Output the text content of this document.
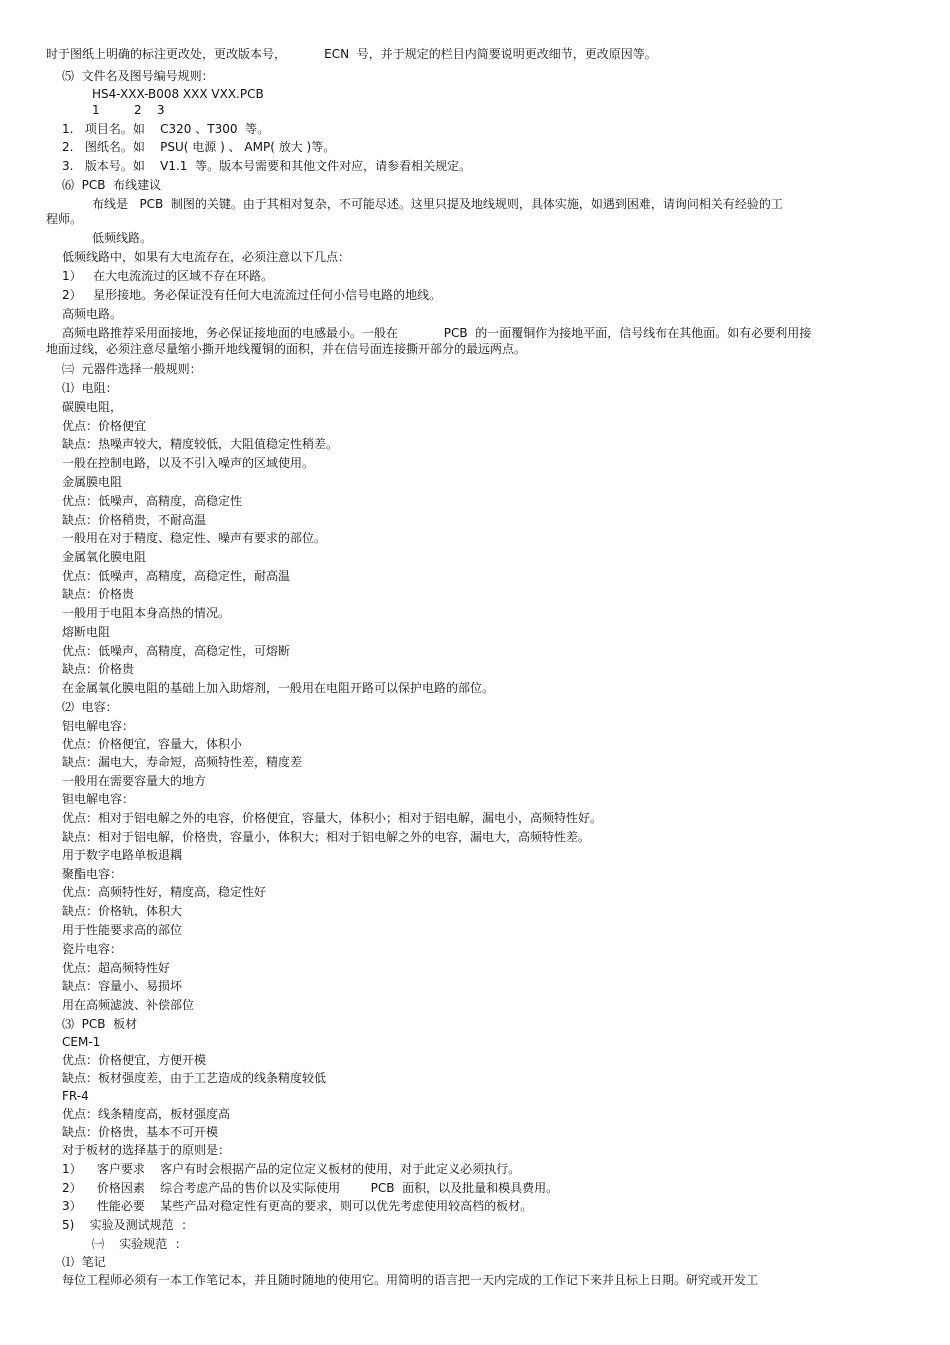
时于图纸上明确的标注更改处，更改版本号，          ECN  号，并于规定的栏目内简要说明更改细节，更改原因等。
⑸  文件名及图号编号规则：
HS4-XXX-B008 XXX VXX.PCB
1         2    3
1.   项目名。如    C320 、T300  等。
2.   图纸名。如    PSU( 电源 ) 、 AMP( 放大 )等。
3.   版本号。如    V1.1  等。版本号需要和其他文件对应，请参看相关规定。
⑹  PCB  布线建议
布线是   PCB  制图的关键。由于其相对复杂，不可能尽述。这里只提及地线规则，具体实施，如遇到困难，请询问相关有经验的工
程师。
低频线路。
低频线路中，如果有大电流存在，必须注意以下几点：
1）   在大电流流过的区域不存在环路。
2）   星形接地。务必保证没有任何大电流流过任何小信号电路的地线。
高频电路。
高频电路推荐采用面接地，务必保证接地面的电感最小。一般在            PCB  的一面覆铜作为接地平面，信号线布在其他面。如有必要利用接
地面过线，必须注意尽量缩小撕开地线覆铜的面积，并在信号面连接撕开部分的最远两点。
㈢  元器件选择一般规则：
⑴  电阻：
碳膜电阻，
优点：价格便宜
缺点：热噪声较大，精度较低，大阻值稳定性稍差。
一般在控制电路，以及不引入噪声的区域使用。
金属膜电阻
优点：低噪声，高精度，高稳定性
缺点：价格稍贵，不耐高温
一般用在对于精度、稳定性、噪声有要求的部位。
金属氧化膜电阻
优点：低噪声，高精度，高稳定性，耐高温
缺点：价格贵
一般用于电阻本身高热的情况。
熔断电阻
优点：低噪声，高精度，高稳定性，可熔断
缺点：价格贵
在金属氧化膜电阻的基础上加入助熔剂，一般用在电阻开路可以保护电路的部位。
⑵  电容：
铝电解电容：
优点：价格便宜，容量大，体积小
缺点：漏电大，寿命短，高频特性差，精度差
一般用在需要容量大的地方
钽电解电容：
优点：相对于铝电解之外的电容，价格便宜，容量大，体积小；相对于铝电解，漏电小，高频特性好。
缺点：相对于铝电解，价格贵，容量小，体积大；相对于铝电解之外的电容，漏电大，高频特性差。
用于数字电路单板退耦
聚酯电容：
优点：高频特性好，精度高，稳定性好
缺点：价格轨，体积大
用于性能要求高的部位
瓷片电容：
优点：超高频特性好
缺点：容量小、易损坏
用在高频滤波、补偿部位
⑶  PCB  板材
CEM-1
优点：价格便宜，方便开模
缺点：板材强度差，由于工艺造成的线条精度较低
FR-4
优点：线条精度高，板材强度高
缺点：价格贵，基本不可开模
对于板材的选择基于的原则是：
1）    客户要求    客户有时会根据产品的定位定义板材的使用，对于此定义必须执行。
2）    价格因素    综合考虑产品的售价以及实际使用        PCB  面积，以及批量和模具费用。
3）    性能必要    某些产品对稳定性有更高的要求，则可以优先考虑使用较高档的板材。
5)    实验及测试规范  ：
㈠    实验规范  ：
⑴  笔记
每位工程师必须有一本工作笔记本，并且随时随地的使用它。用简明的语言把一天内完成的工作记下来并且标上日期。研究或开发工
